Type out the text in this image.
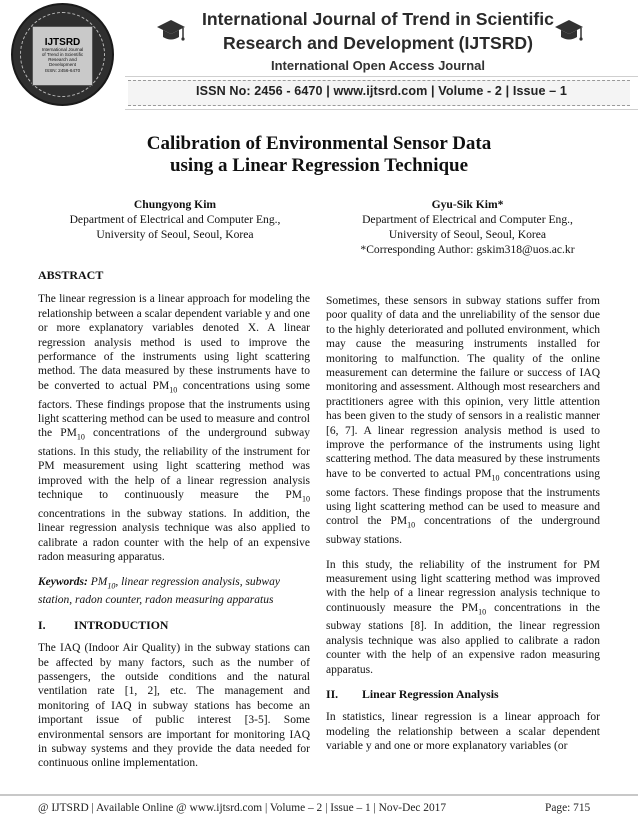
IJTSRD
International Journal
of Trend in Scientific
Research and
Development
ISSN: 2456-6470
International Journal of Trend in Scientific
Research and Development (IJTSRD)
International Open Access Journal
ISSN No: 2456 - 6470 | www.ijtsrd.com | Volume - 2 | Issue – 1
Calibration of Environmental Sensor Data
using a Linear Regression Technique
Chungyong Kim
Department of Electrical and Computer Eng.,
University of Seoul, Seoul, Korea
Gyu-Sik Kim*
Department of Electrical and Computer Eng.,
University of Seoul, Seoul, Korea
*Corresponding Author: gskim318@uos.ac.kr
ABSTRACT
The linear regression is a linear approach for modeling the relationship between a scalar dependent variable y and one or more explanatory variables denoted X. A linear regression analysis method is used to improve the performance of the instruments using light scattering method. The data measured by these instruments have to be converted to actual $PM_{10}$ concentrations using some factors. These findings propose that the instruments using light scattering method can be used to measure and control the $PM_{10}$ concentrations of the underground subway stations. In this study, the reliability of the instrument for PM measurement using light scattering method was improved with the help of a linear regression analysis technique to continuously measure the $PM_{10}$ concentrations in the subway stations. In addition, the linear regression analysis technique was also applied to calibrate a radon counter with the help of an expensive radon measuring apparatus.
Keywords: $PM_{10}$, linear regression analysis, subway station, radon counter, radon measuring apparatus
I.	INTRODUCTION
The IAQ (Indoor Air Quality) in the subway stations can be affected by many factors, such as the number of passengers, the outside conditions and the natural ventilation rate [1, 2], etc. The management and monitoring of IAQ in subway stations has become an important issue of public interest [3-5]. Some environmental sensors are important for monitoring IAQ in subway systems and they provide the data needed for continuous online implementation.
Sometimes, these sensors in subway stations suffer from poor quality of data and the unreliability of the sensor due to the highly deteriorated and polluted environment, which may cause the measuring instruments installed for monitoring to malfunction. The quality of the online measurement can determine the failure or success of IAQ monitoring and assessment. Although most researchers and practitioners agree with this opinion, very little attention has been given to the study of sensors in a realistic manner [6, 7]. A linear regression analysis method is used to improve the performance of the instruments using light scattering method. The data measured by these instruments have to be converted to actual $PM_{10}$ concentrations using some factors. These findings propose that the instruments using light scattering method can be used to measure and control the $PM_{10}$ concentrations of the underground subway stations.
In this study, the reliability of the instrument for PM measurement using light scattering method was improved with the help of a linear regression analysis technique to continuously measure the $PM_{10}$ concentrations in the subway stations [8]. In addition, the linear regression analysis technique was also applied to calibrate a radon counter with the help of an expensive radon measuring apparatus.
II.	Linear Regression Analysis
In statistics, linear regression is a linear approach for modeling the relationship between a scalar dependent variable y and one or more explanatory variables (or
@ IJTSRD | Available Online @ www.ijtsrd.com | Volume – 2 | Issue – 1 | Nov-Dec 2017	Page: 715
